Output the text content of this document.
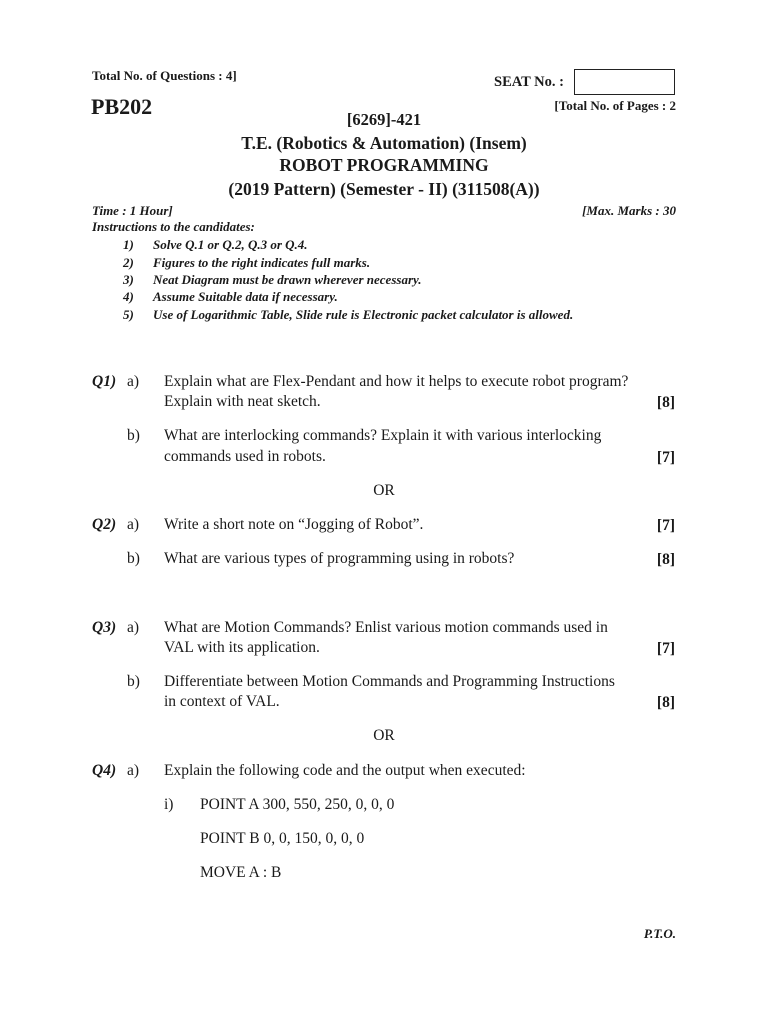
Total No. of Questions : 4]	SEAT No. :
PB202	[Total No. of Pages : 2
[6269]-421
T.E. (Robotics & Automation) (Insem)
ROBOT PROGRAMMING
(2019 Pattern) (Semester - II) (311508(A))
Time : 1 Hour]	[Max. Marks : 30
Instructions to the candidates:
1) Solve Q.1 or Q.2, Q.3 or Q.4.
2) Figures to the right indicates full marks.
3) Neat Diagram must be drawn wherever necessary.
4) Assume Suitable data if necessary.
5) Use of Logarithmic Table, Slide rule is Electronic packet calculator is allowed.
Q1) a) Explain what are Flex-Pendant and how it helps to execute robot program?
Explain with neat sketch.	[8]
b) What are interlocking commands? Explain it with various interlocking
commands used in robots.	[7]
OR
Q2) a) Write a short note on “Jogging of Robot”.	[7]
b) What are various types of programming using in robots?	[8]
Q3) a) What are Motion Commands? Enlist various motion commands used in
VAL with its application.	[7]
b) Differentiate between Motion Commands and Programming Instructions
in context of VAL.	[8]
OR
Q4) a) Explain the following code and the output when executed:
i) POINT A 300, 550, 250, 0, 0, 0
POINT B 0, 0, 150, 0, 0, 0
MOVE A : B
P.T.O.
